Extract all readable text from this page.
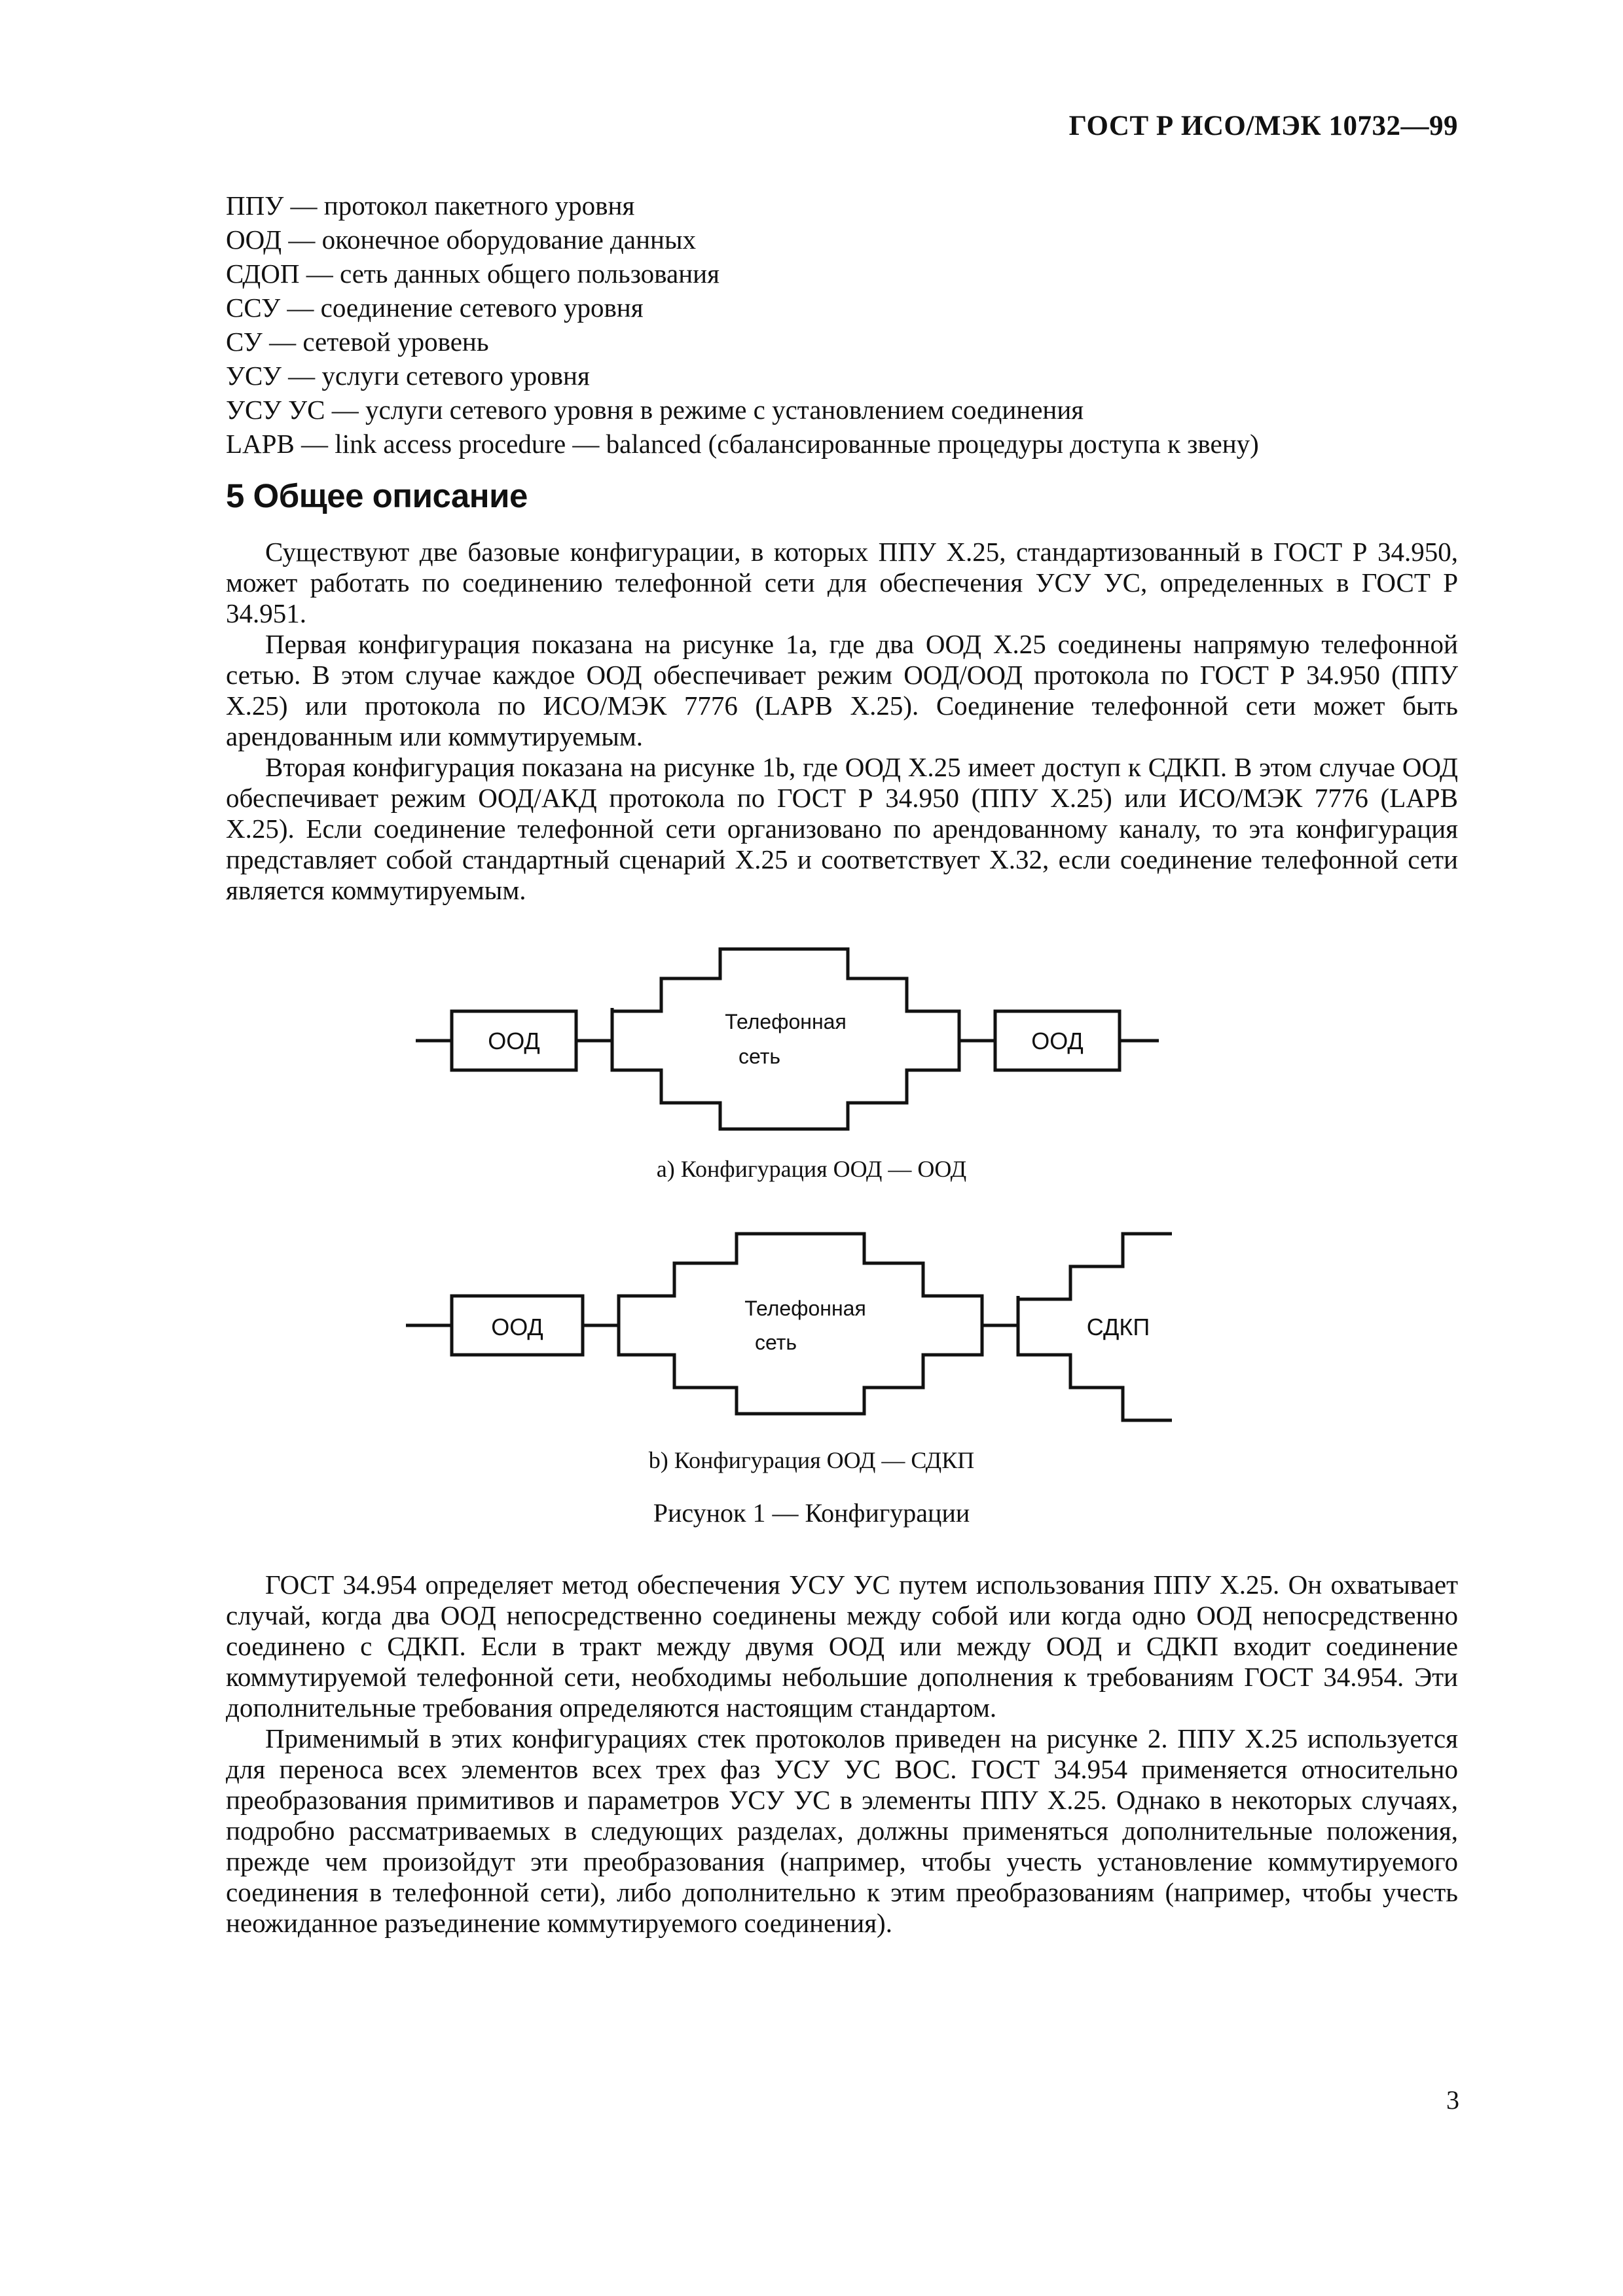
ГОСТ Р ИСО/МЭК 10732—99
ППУ — протокол пакетного уровня
ООД — оконечное оборудование данных
СДОП — сеть данных общего пользования
ССУ — соединение сетевого уровня
СУ — сетевой уровень
УСУ — услуги сетевого уровня
УСУ УС — услуги сетевого уровня в режиме с установлением соединения
LAPB — link access procedure — balanced (сбалансированные процедуры доступа к звену)
5 Общее описание

Существуют две базовые конфигурации, в которых ППУ X.25, стандартизованный в ГОСТ Р 34.950, может работать по соединению телефонной сети для обеспечения УСУ УС, определенных в ГОСТ Р 34.951.

Первая конфигурация показана на рисунке 1a, где два ООД X.25 соединены напрямую телефонной сетью. В этом случае каждое ООД обеспечивает режим ООД/ООД протокола по ГОСТ Р 34.950 (ППУ X.25) или протокола по ИСО/МЭК 7776 (LAPB X.25). Соединение телефонной сети может быть арендованным или коммутируемым.

Вторая конфигурация показана на рисунке 1b, где ООД X.25 имеет доступ к СДКП. В этом случае ООД обеспечивает режим ООД/АКД протокола по ГОСТ Р 34.950 (ППУ X.25) или ИСО/МЭК 7776 (LAPB X.25). Если соединение телефонной сети организовано по арендованному каналу, то эта конфигурация представляет собой стандартный сценарий X.25 и соответствует X.32, если соединение телефонной сети является коммутируемым.

ООД
Телефонная
сеть
ООД
a) Конфигурация ООД — ООД
ООД
Телефонная
сеть
СДКП
b) Конфигурация ООД — СДКП
Рисунок 1 — Конфигурации

ГОСТ 34.954 определяет метод обеспечения УСУ УС путем использования ППУ X.25. Он охватывает случай, когда два ООД непосредственно соединены между собой или когда одно ООД непосредственно соединено с СДКП. Если в тракт между двумя ООД или между ООД и СДКП входит соединение коммутируемой телефонной сети, необходимы небольшие дополнения к требованиям ГОСТ 34.954. Эти дополнительные требования определяются настоящим стандартом.

Применимый в этих конфигурациях стек протоколов приведен на рисунке 2. ППУ X.25 используется для переноса всех элементов всех трех фаз УСУ УС ВОС. ГОСТ 34.954 применяется относительно преобразования примитивов и параметров УСУ УС в элементы ППУ X.25. Однако в некоторых случаях, подробно рассматриваемых в следующих разделах, должны применяться дополнительные положения, прежде чем произойдут эти преобразования (например, чтобы учесть установление коммутируемого соединения в телефонной сети), либо дополнительно к этим преобразованиям (например, чтобы учесть неожиданное разъединение коммутируемого соединения).

3
